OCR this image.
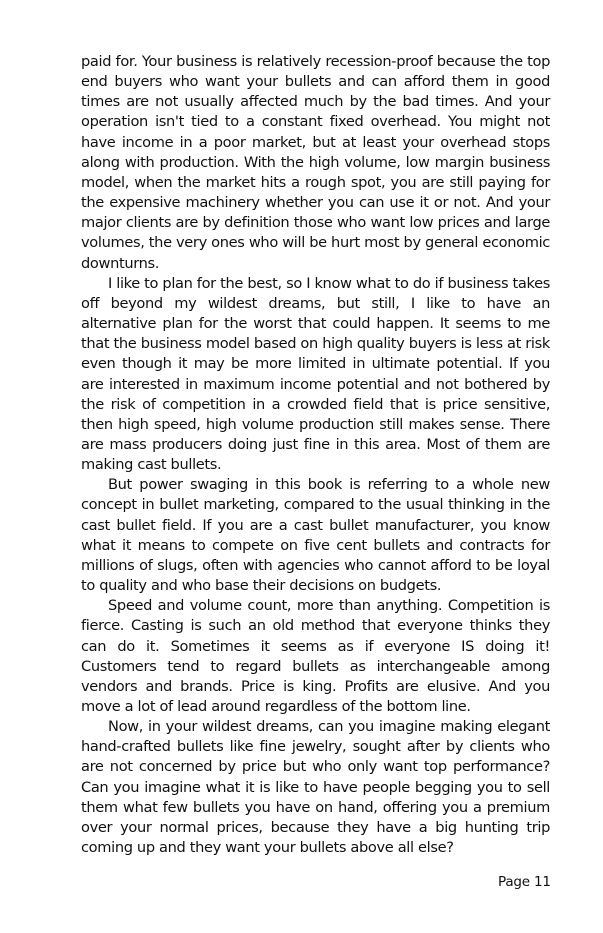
paid for. Your business is relatively recession-proof because the top end buyers who want your bullets and can afford them in good times are not usually affected much by the bad times. And your operation isn't tied to a constant fixed overhead. You might not have income in a poor market, but at least your overhead stops along with production. With the high volume, low margin business model, when the market hits a rough spot, you are still paying for the expensive machinery whether you can use it or not. And your major clients are by definition those who want low prices and large volumes, the very ones who will be hurt most by general economic downturns.

I like to plan for the best, so I know what to do if business takes off beyond my wildest dreams, but still, I like to have an alternative plan for the worst that could happen. It seems to me that the business model based on high quality buyers is less at risk even though it may be more limited in ultimate potential. If you are interested in maximum income potential and not bothered by the risk of competition in a crowded field that is price sensitive, then high speed, high volume production still makes sense. There are mass producers doing just fine in this area. Most of them are making cast bullets.

But power swaging in this book is referring to a whole new concept in bullet marketing, compared to the usual thinking in the cast bullet field. If you are a cast bullet manufacturer, you know what it means to compete on five cent bullets and contracts for millions of slugs, often with agencies who cannot afford to be loyal to quality and who base their decisions on budgets.

Speed and volume count, more than anything. Competition is fierce. Casting is such an old method that everyone thinks they can do it. Sometimes it seems as if everyone IS doing it! Customers tend to regard bullets as interchangeable among vendors and brands. Price is king. Profits are elusive. And you move a lot of lead around regardless of the bottom line.

Now, in your wildest dreams, can you imagine making elegant hand-crafted bullets like fine jewelry, sought after by clients who are not concerned by price but who only want top performance? Can you imagine what it is like to have people begging you to sell them what few bullets you have on hand, offering you a premium over your normal prices, because they have a big hunting trip coming up and they want your bullets above all else?

Page 11
